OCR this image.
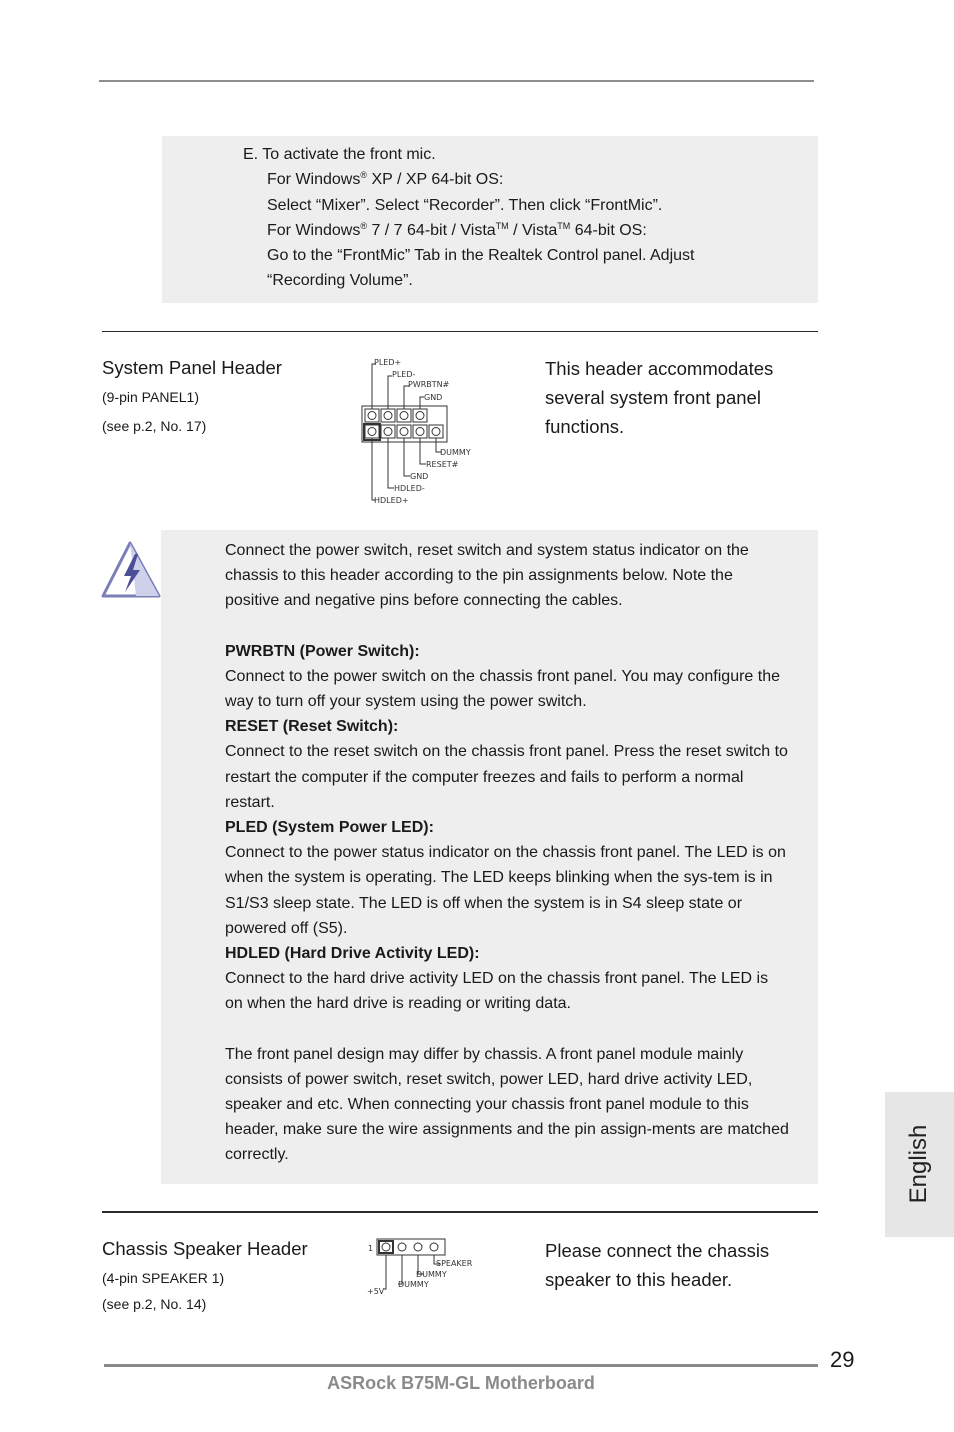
E. To activate the front mic.
For Windows® XP / XP 64-bit OS:
Select “Mixer”. Select “Recorder”. Then click “FrontMic”.
For Windows® 7 / 7 64-bit / Vista™ / Vista™ 64-bit OS:
Go to the “FrontMic” Tab in the Realtek Control panel. Adjust
“Recording Volume”.
System Panel Header
(9-pin PANEL1)
(see p.2, No. 17)
This header accommodates several system front panel functions.
PLED+
PLED-
PWRBTN#
GND
DUMMY
RESET#
GND
HDLED-
HDLED+

Connect the power switch, reset switch and system status indicator on the chassis to this header according to the pin assignments below. Note the positive and negative pins before connecting the cables.

PWRBTN (Power Switch):

Connect to the power switch on the chassis front panel. You may configure the way to turn off your system using the power switch.

RESET (Reset Switch):

Connect to the reset switch on the chassis front panel. Press the reset switch to restart the computer if the computer freezes and fails to perform a normal restart.

PLED (System Power LED):

Connect to the power status indicator on the chassis front panel. The LED is on when the system is operating. The LED keeps blinking when the sys-tem is in S1/S3 sleep state. The LED is off when the system is in S4 sleep state or powered off (S5).

HDLED (Hard Drive Activity LED):

Connect to the hard drive activity LED on the chassis front panel. The LED is on when the hard drive is reading or writing data.

The front panel design may differ by chassis. A front panel module mainly consists of power switch, reset switch, power LED, hard drive activity LED, speaker and etc. When connecting your chassis front panel module to this header, make sure the wire assignments and the pin assign-ments are matched correctly.

Chassis Speaker Header
(4-pin SPEAKER 1)
(see p.2, No. 14)
Please connect the chassis speaker to this header.
1
SPEAKER
DUMMY
DUMMY
+5V
English
29
ASRock B75M-GL Motherboard
